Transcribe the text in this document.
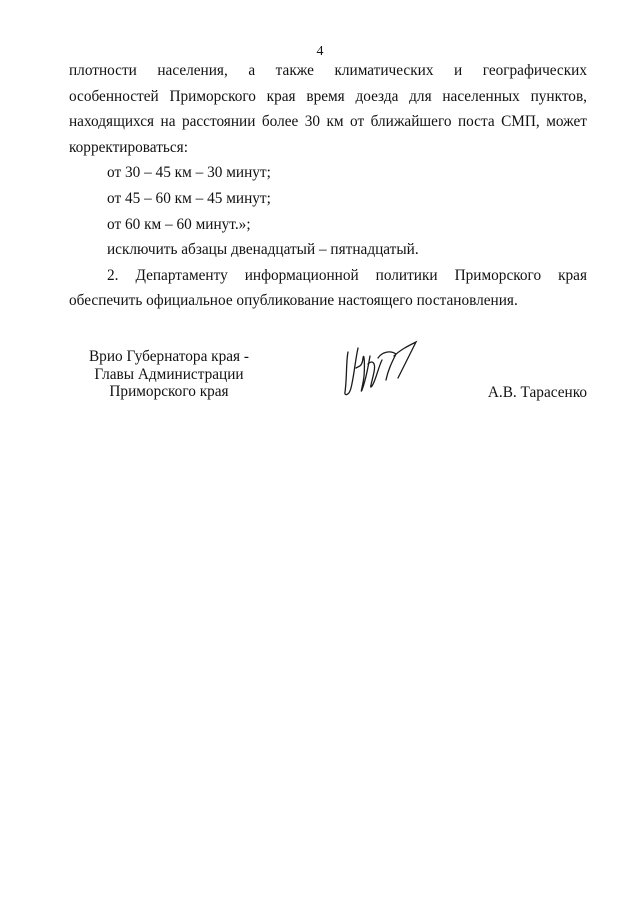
4

плотности населения, а также климатических и географических

особенностей Приморского края время доезда для населенных пунктов,

находящихся на расстоянии более 30 км от ближайшего поста СМП, может

корректироваться:

от 30 – 45 км – 30 минут;

от 45 – 60 км – 45 минут;

от 60 км – 60 минут.»;

исключить абзацы двенадцатый – пятнадцатый.

2. Департаменту информационной политики Приморского края

обеспечить официальное опубликование настоящего постановления.

Врио Губернатора края -
Главы Администрации
Приморского края	А.В. Тарасенко
